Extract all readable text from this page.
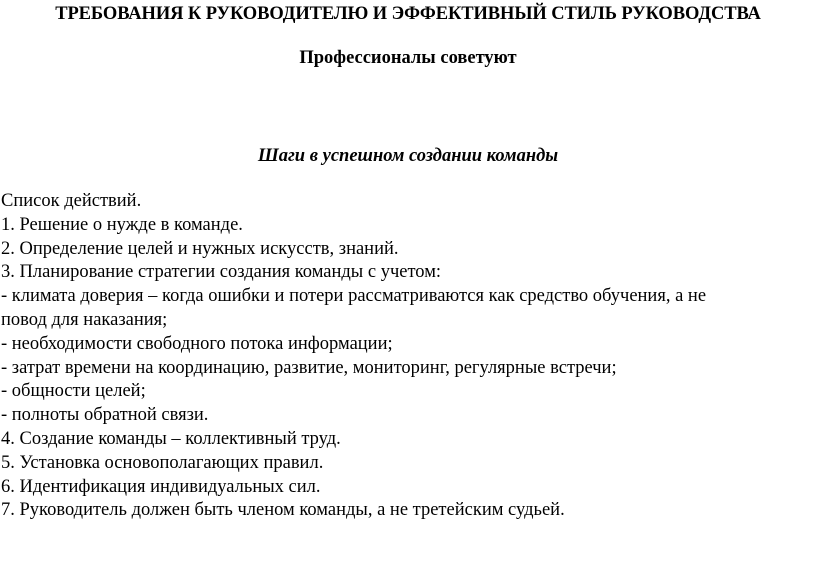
ТРЕБОВАНИЯ К РУКОВОДИТЕЛЮ И ЭФФЕКТИВНЫЙ СТИЛЬ РУКОВОДСТВА
Профессионалы советуют
Шаги в успешном создании команды
Список действий.
1. Решение о нужде в команде.
2. Определение целей и нужных искусств, знаний.
3. Планирование стратегии создания команды с учетом:
- климата доверия – когда ошибки и потери рассматриваются как средство обучения, а не
повод для наказания;
- необходимости свободного потока информации;
- затрат времени на координацию, развитие, мониторинг, регулярные встречи;
- общности целей;
- полноты обратной связи.
4. Создание команды – коллективный труд.
5. Установка основополагающих правил.
6. Идентификация индивидуальных сил.
7. Руководитель должен быть членом команды, а не третейским судьей.
